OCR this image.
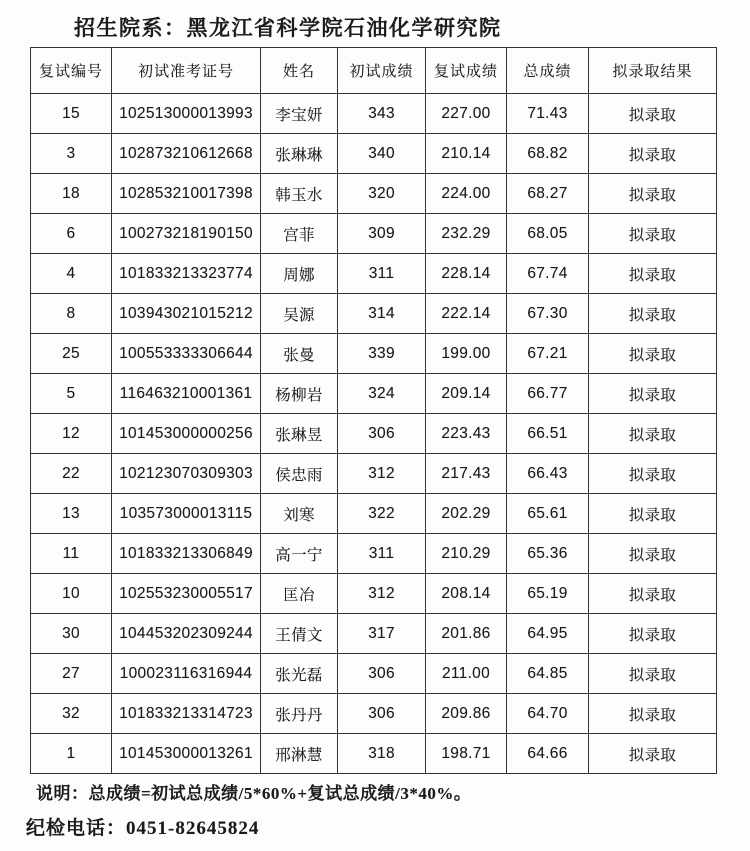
招生院系：黑龙江省科学院石油化学研究院
复试编号	初试准考证号	姓名	初试成绩	复试成绩	总成绩	拟录取结果
15	102513000013993	李宝妍	343	227.00	71.43	拟录取
3	102873210612668	张琳琳	340	210.14	68.82	拟录取
18	102853210017398	韩玉水	320	224.00	68.27	拟录取
6	100273218190150	宫菲	309	232.29	68.05	拟录取
4	101833213323774	周娜	311	228.14	67.74	拟录取
8	103943021015212	吴源	314	222.14	67.30	拟录取
25	100553333306644	张曼	339	199.00	67.21	拟录取
5	116463210001361	杨柳岩	324	209.14	66.77	拟录取
12	101453000000256	张琳昱	306	223.43	66.51	拟录取
22	102123070309303	侯忠雨	312	217.43	66.43	拟录取
13	103573000013115	刘寒	322	202.29	65.61	拟录取
11	101833213306849	高一宁	311	210.29	65.36	拟录取
10	102553230005517	匡冶	312	208.14	65.19	拟录取
30	104453202309244	王倩文	317	201.86	64.95	拟录取
27	100023116316944	张光磊	306	211.00	64.85	拟录取
32	101833213314723	张丹丹	306	209.86	64.70	拟录取
1	101453000013261	邢淋慧	318	198.71	64.66	拟录取
说明：总成绩=初试总成绩/5*60%+复试总成绩/3*40%。
纪检电话：0451-82645824
